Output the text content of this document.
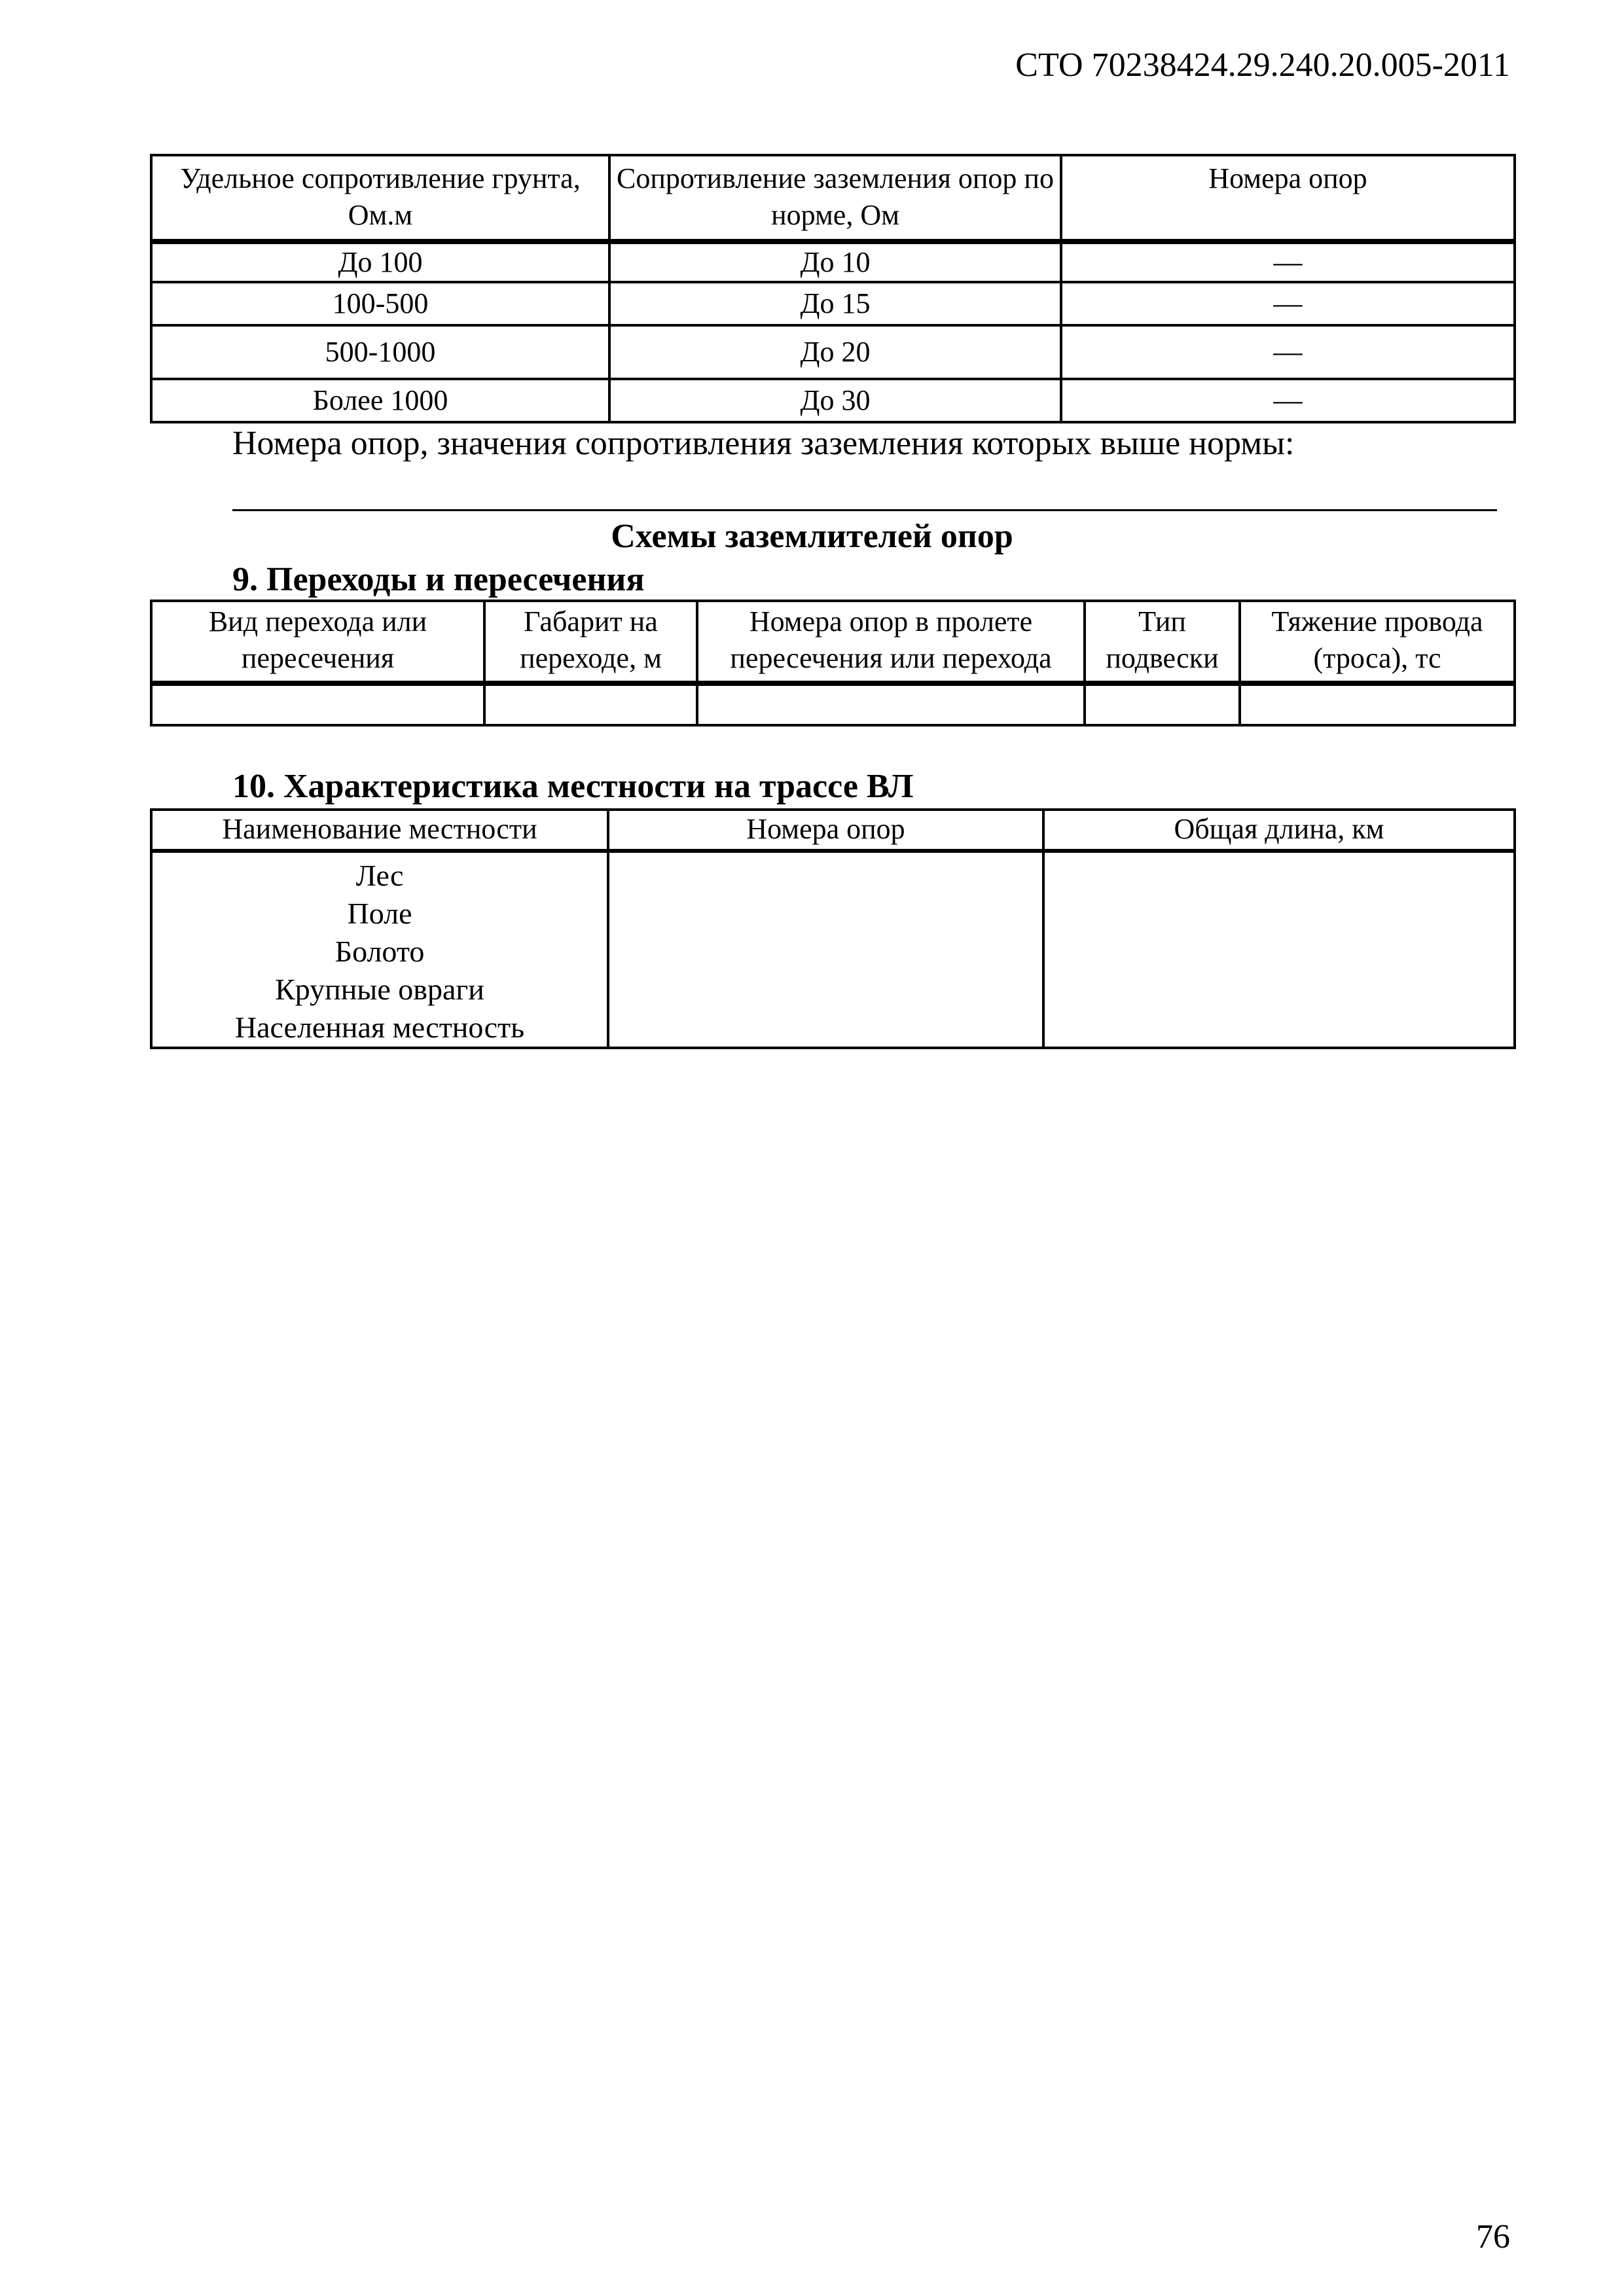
СТО 70238424.29.240.20.005-2011
Удельное сопротивление грунта, Ом.м	Сопротивление заземления опор по норме, Ом	Номера опор
До 100	До 10	—
100-500	До 15	—
500-1000	До 20	—
Более 1000	До 30	—
Номера опор, значения сопротивления заземления которых выше нормы:
Схемы заземлителей опор
9. Переходы и пересечения
Вид перехода или пересечения	Габарит на переходе, м	Номера опор в пролете пересечения или перехода	Тип подвески	Тяжение провода (троса), тс

10. Характеристика местности на трассе ВЛ
Наименование местности	Номера опор	Общая длина, км

Лес
Поле
Болото
Крупные овраги
Населенная местность		

76
